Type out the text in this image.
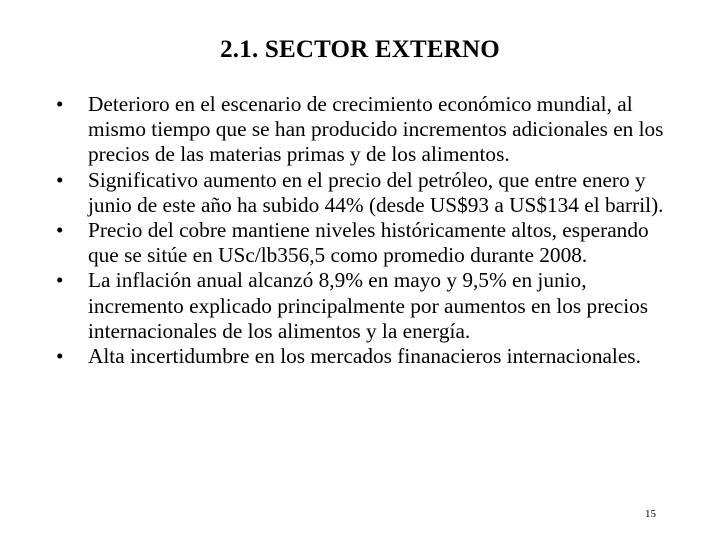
2.1. SECTOR EXTERNO
•	Deterioro en el escenario de crecimiento económico mundial, al mismo tiempo que se han producido incrementos adicionales en los precios de las materias primas y de los alimentos.
•	Significativo aumento en el precio del petróleo, que entre enero y junio de este año ha subido 44% (desde US$93 a US$134 el barril).
•	Precio del cobre mantiene niveles históricamente altos, esperando que se sitúe en USc/lb356,5 como promedio durante 2008.
•	La inflación anual alcanzó 8,9% en mayo y 9,5% en junio, incremento explicado principalmente por aumentos en los precios internacionales de los alimentos y la energía.
•	Alta incertidumbre en los mercados finanacieros internacionales.
15
